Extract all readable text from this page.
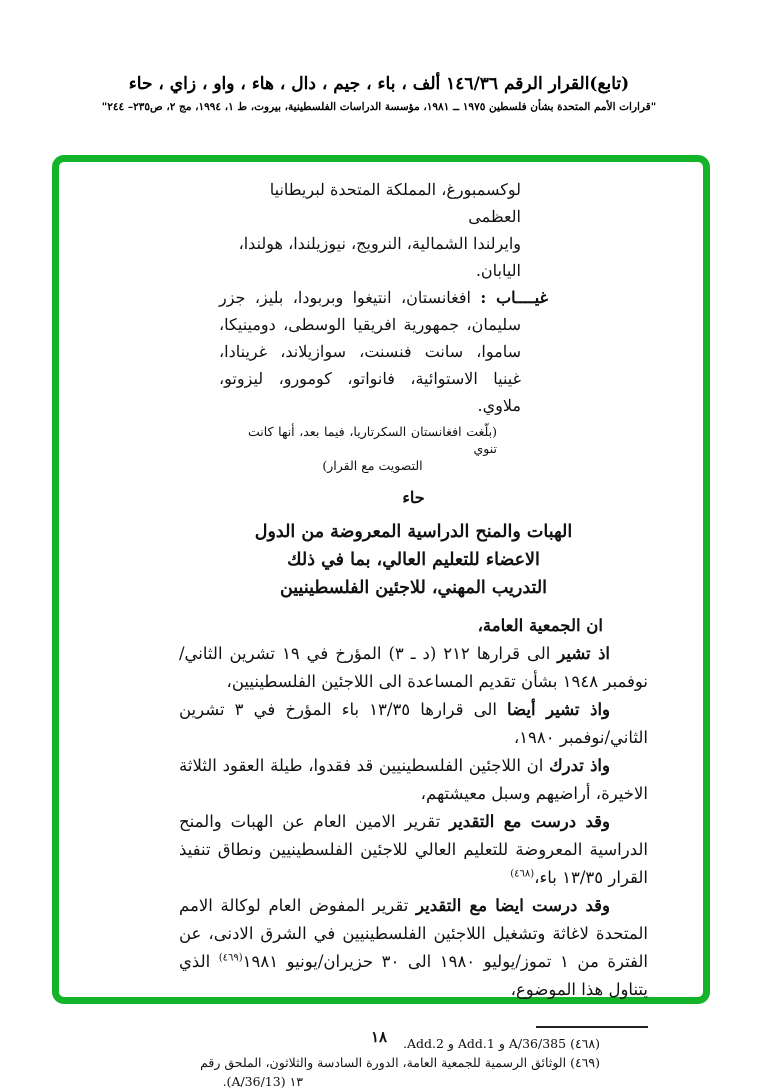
(تابع)القرار الرقم ١٤٦/٣٦ ألف ، باء ، جيم ، دال ، هاء ، واو ، زاي ، حاء
"قرارات الأمم المتحدة بشأن فلسطين ١٩٧٥ ــ ١٩٨١، مؤسسة الدراسات الفلسطينية، بيروت، ط ١، ١٩٩٤، مج ٢، ص٢٣٥– ٢٤٤"
لوكسمبورغ، المملكة المتحدة لبريطانيا العظمى
وايرلندا الشمالية، النرويج، نيوزيلندا، هولندا، اليابان.
غيــــاب : افغانستان، انتيغوا وبربودا، بليز، جزر سليمان، جمهورية افريقيا الوسطى، دومينيكا، ساموا، سانت فنسنت، سوازيلاند، غرينادا، غينيا الاستوائية، فانواتو، كومورو، ليزوتو، ملاوي.
(بلّغت افغانستان السكرتاريا، فيما بعد، أنها كانت تنوي
التصويت مع القرار)
حاء
الهبات والمنح الدراسية المعروضة من الدول
الاعضاء للتعليم العالي، بما في ذلك
التدريب المهني، للاجئين الفلسطينيين
ان الجمعية العامة،

اذ تشير الى قرارها ٢١٢ (د ـ ٣) المؤرخ في ١٩ تشرين الثاني/نوفمبر ١٩٤٨ بشأن تقديم المساعدة الى اللاجئين الفلسطينيين،

واذ تشير أيضا الى قرارها ١٣/٣٥ باء المؤرخ في ٣ تشرين الثاني/نوفمبر ١٩٨٠،

واذ تدرك ان اللاجئين الفلسطينيين قد فقدوا، طيلة العقود الثلاثة الاخيرة، أراضيهم وسبل معيشتهم،

وقد درست مع التقدير تقرير الامين العام عن الهبات والمنح الدراسية المعروضة للتعليم العالي للاجئين الفلسطينيين ونطاق تنفيذ القرار ١٣/٣٥ باء،$^{(٤٦٨)}$

وقد درست ايضا مع التقدير تقرير المفوض العام لوكالة الامم المتحدة لاغاثة وتشغيل اللاجئين الفلسطينيين في الشرق الادنى، عن الفترة من ١ تموز/يوليو ١٩٨٠ الى ٣٠ حزيران/يونيو ١٩٨١$^{(٤٦٩)}$ الذي يتناول هذا الموضوع،

(٤٦٨) A/36/385 و Add.1 و Add.2.
(٤٦٩) الوثائق الرسمية للجمعية العامة، الدورة السادسة والثلاثون، الملحق رقم
١٣ (A/36/13).
١٨
